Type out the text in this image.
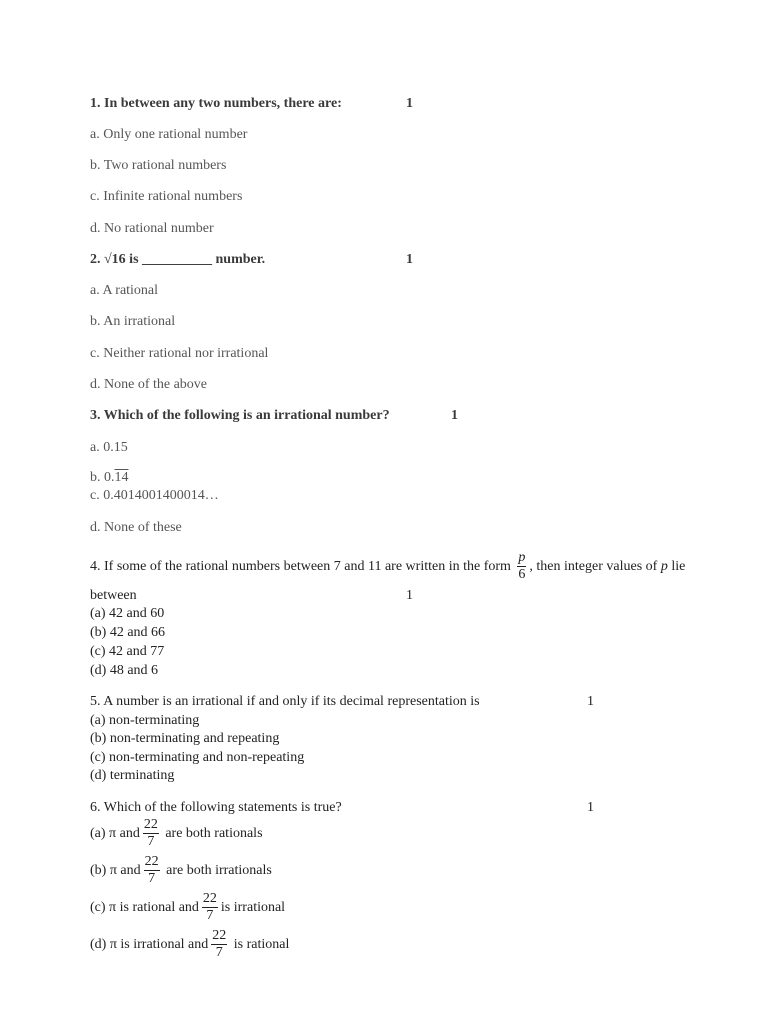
1. In between any two numbers, there are:	1
a. Only one rational number
b. Two rational numbers
c. Infinite rational numbers
d. No rational number
2. √16 is __________ number.	1
a. A rational
b. An irrational
c. Neither rational nor irrational
d. None of the above
3. Which of the following is an irrational number?	1
a. 0.15
b. 0.14
c. 0.4014001400014…
d. None of these
4. If some of the rational numbers between 7 and 11 are written in the form $\frac{p}{6}$ , then integer values of p lie
between	1
(a) 42 and 60
(b) 42 and 66
(c) 42 and 77
(d) 48 and 6
5. A number is an irrational if and only if its decimal representation is	1
(a) non-terminating
(b) non-terminating and repeating
(c) non-terminating and non-repeating
(d) terminating
6. Which of the following statements is true?	1
(a) π and $\frac{22}{7}$ are both rationals
(b) π and $\frac{22}{7}$ are both irrationals
(c) π is rational and $\frac{22}{7}$ is irrational
(d) π is irrational and $\frac{22}{7}$ is rational
